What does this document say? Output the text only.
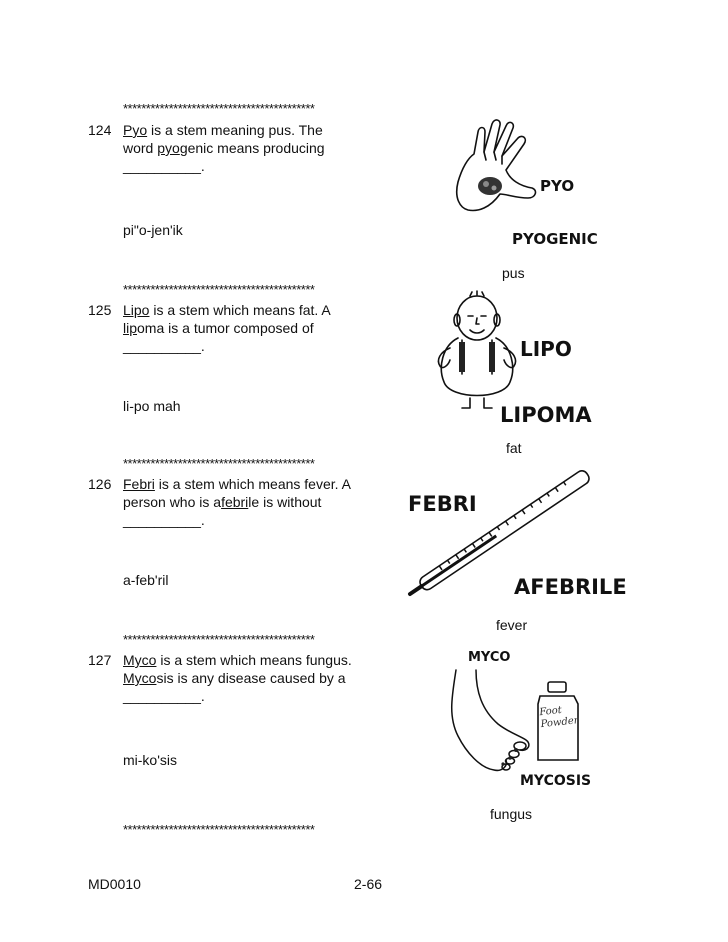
******************************************
******************************************
******************************************
******************************************
******************************************
124 Pyo is a stem meaning pus. The
word pyogenic means producing
__________.
pi"o-jen'ik
PYO
PYOGENIC
pus
125 Lipo is a stem which means fat. A
lipoma is a tumor composed of
__________.
li-po mah
LIPO
LIPOMA
fat
126 Febri is a stem which means fever. A
person who is afebrile is without
__________.
a-feb'ril
FEBRI
AFEBRILE
fever
127 Myco is a stem which means fungus.
Mycosis is any disease caused by a
__________.
mi-ko'sis
MYCO
Foot Powder
MYCOSIS
fungus
MD0010	2-66
